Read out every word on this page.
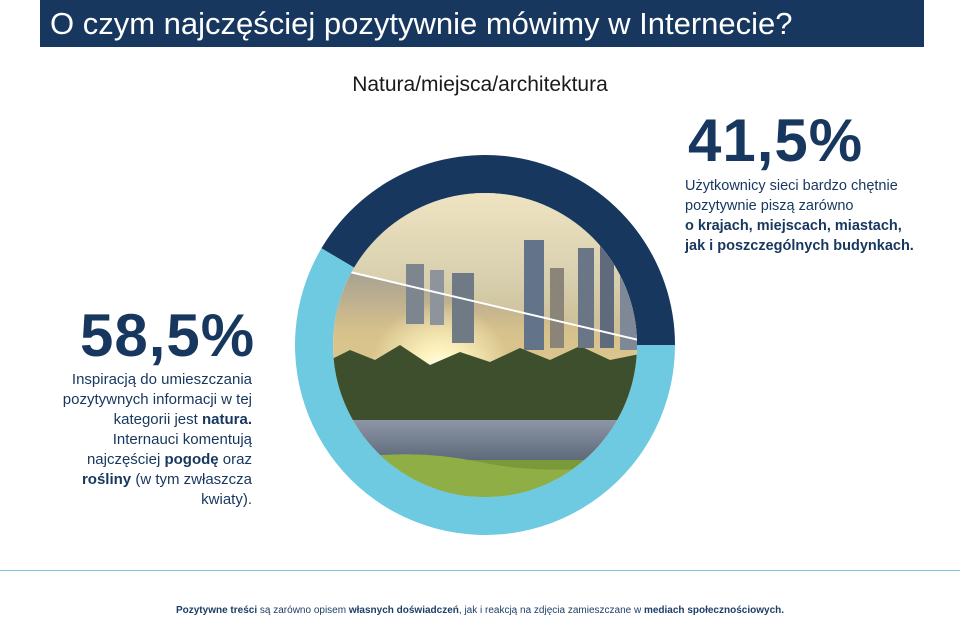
O czym najczęściej pozytywnie mówimy w Internecie?
Natura/miejsca/architektura
41,5%
Użytkownicy sieci bardzo chętnie
pozytywnie piszą zarówno
o krajach, miejscach, miastach,
jak i poszczególnych budynkach.
58,5%
Inspiracją do umieszczania pozytywnych informacji w tej kategorii jest natura. Internauci komentują najczęściej pogodę oraz rośliny (w tym zwłaszcza kwiaty).
Pozytywne treści są zarówno opisem własnych doświadczeń, jak i reakcją na zdjęcia zamieszczane w mediach społecznościowych.
